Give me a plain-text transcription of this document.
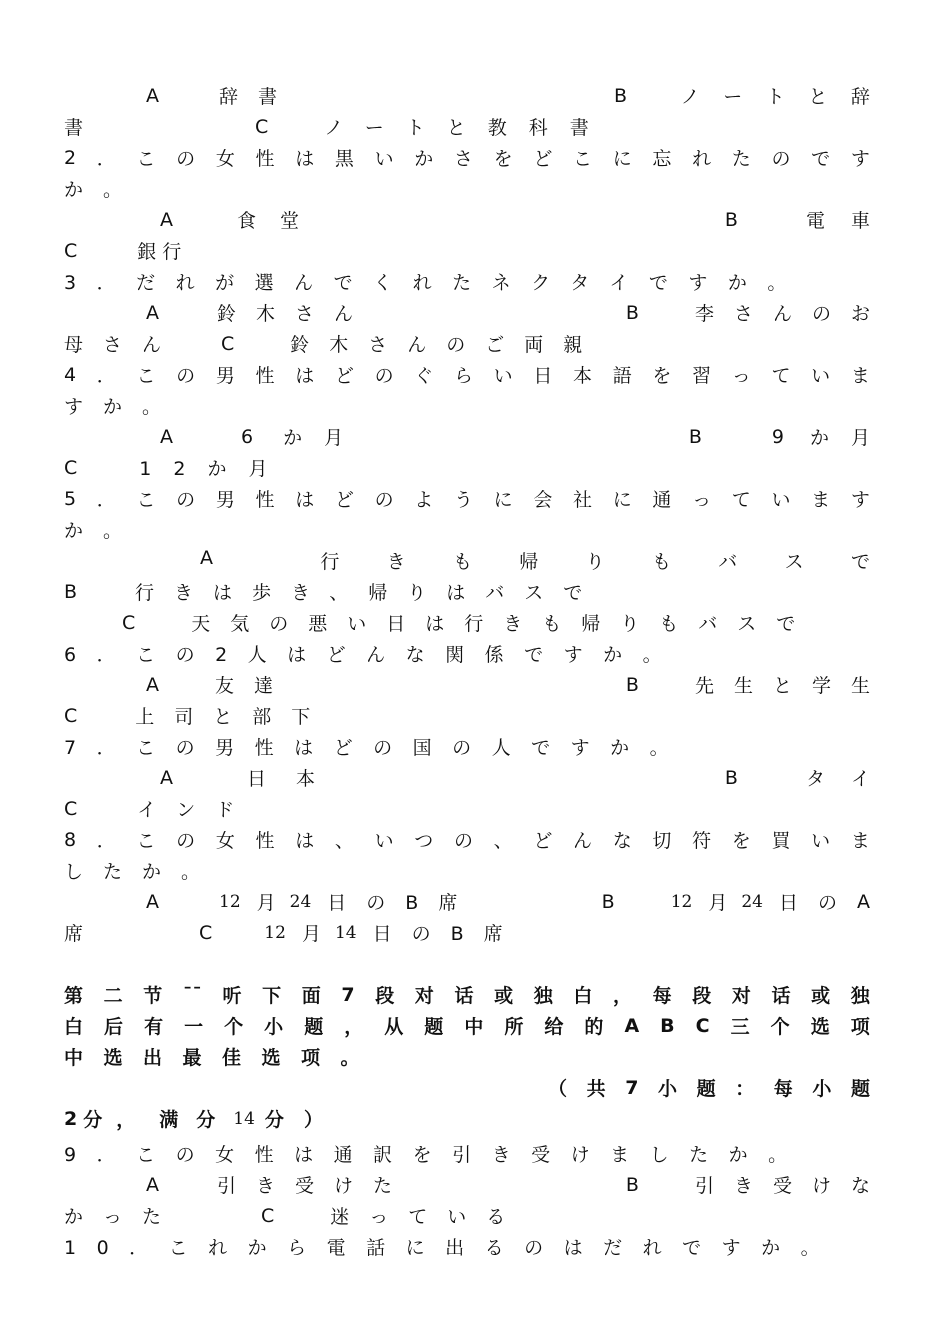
A	辞書	B	ノ ー ト と 辞
書	C	ノートと教科書
2 ． こ の 女 性 は 黒 い か さ を ど こ に 忘 れ た の で す
か。
A	食堂	B	電 車
C	銀行
3．だれが選んでくれたネクタイですか。
A	鈴木さん	B	李さんの お
母さん C	鈴木さんのご両親
4 ． こ の 男 性 は ど の ぐ ら い 日 本 語 を 習 っ て い ま
すか。
A	6 か月	B	9 か 月
C	12か月
5 ． こ の 男 性 は ど の よ う に 会 社 に 通 っ て い ま す
か。
A	行 き も 帰 り も バ ス で
B	行きは歩き、帰りはバスで
C	天気の悪い日は行きも帰りもバスで
6．この2人はどんな関係ですか。
A	友達	B	先生と学 生
C	上司と部下
7．この男性はどの国の人ですか。
A	日本	B	タ イ
C	インド
8 ． こ の 女 性 は 、 い つ の 、 ど ん な 切 符 を 買 い ま
したか。
A	12 月 24 日のB席	B	12 月 24 日の A
席	C	12 月 14 日のB席
第 二 节 ¯¯ 听 下 面 7 段 对 话 或 独 白 ， 每 段 对 话 或 独
白 后 有 一 个 小 题 ， 从 题 中 所 给 的 A B C 三 个 选 项
中选出最佳选项。
（ 共 7 小 题 ： 每 小 题
2 分 ， 满分 14 分 ）
9．この女性は通訳を引き受けましたか。
A	引き受けた	B	引き受け な
かった	C	迷っている
10．これから電話に出るのはだれですか。
